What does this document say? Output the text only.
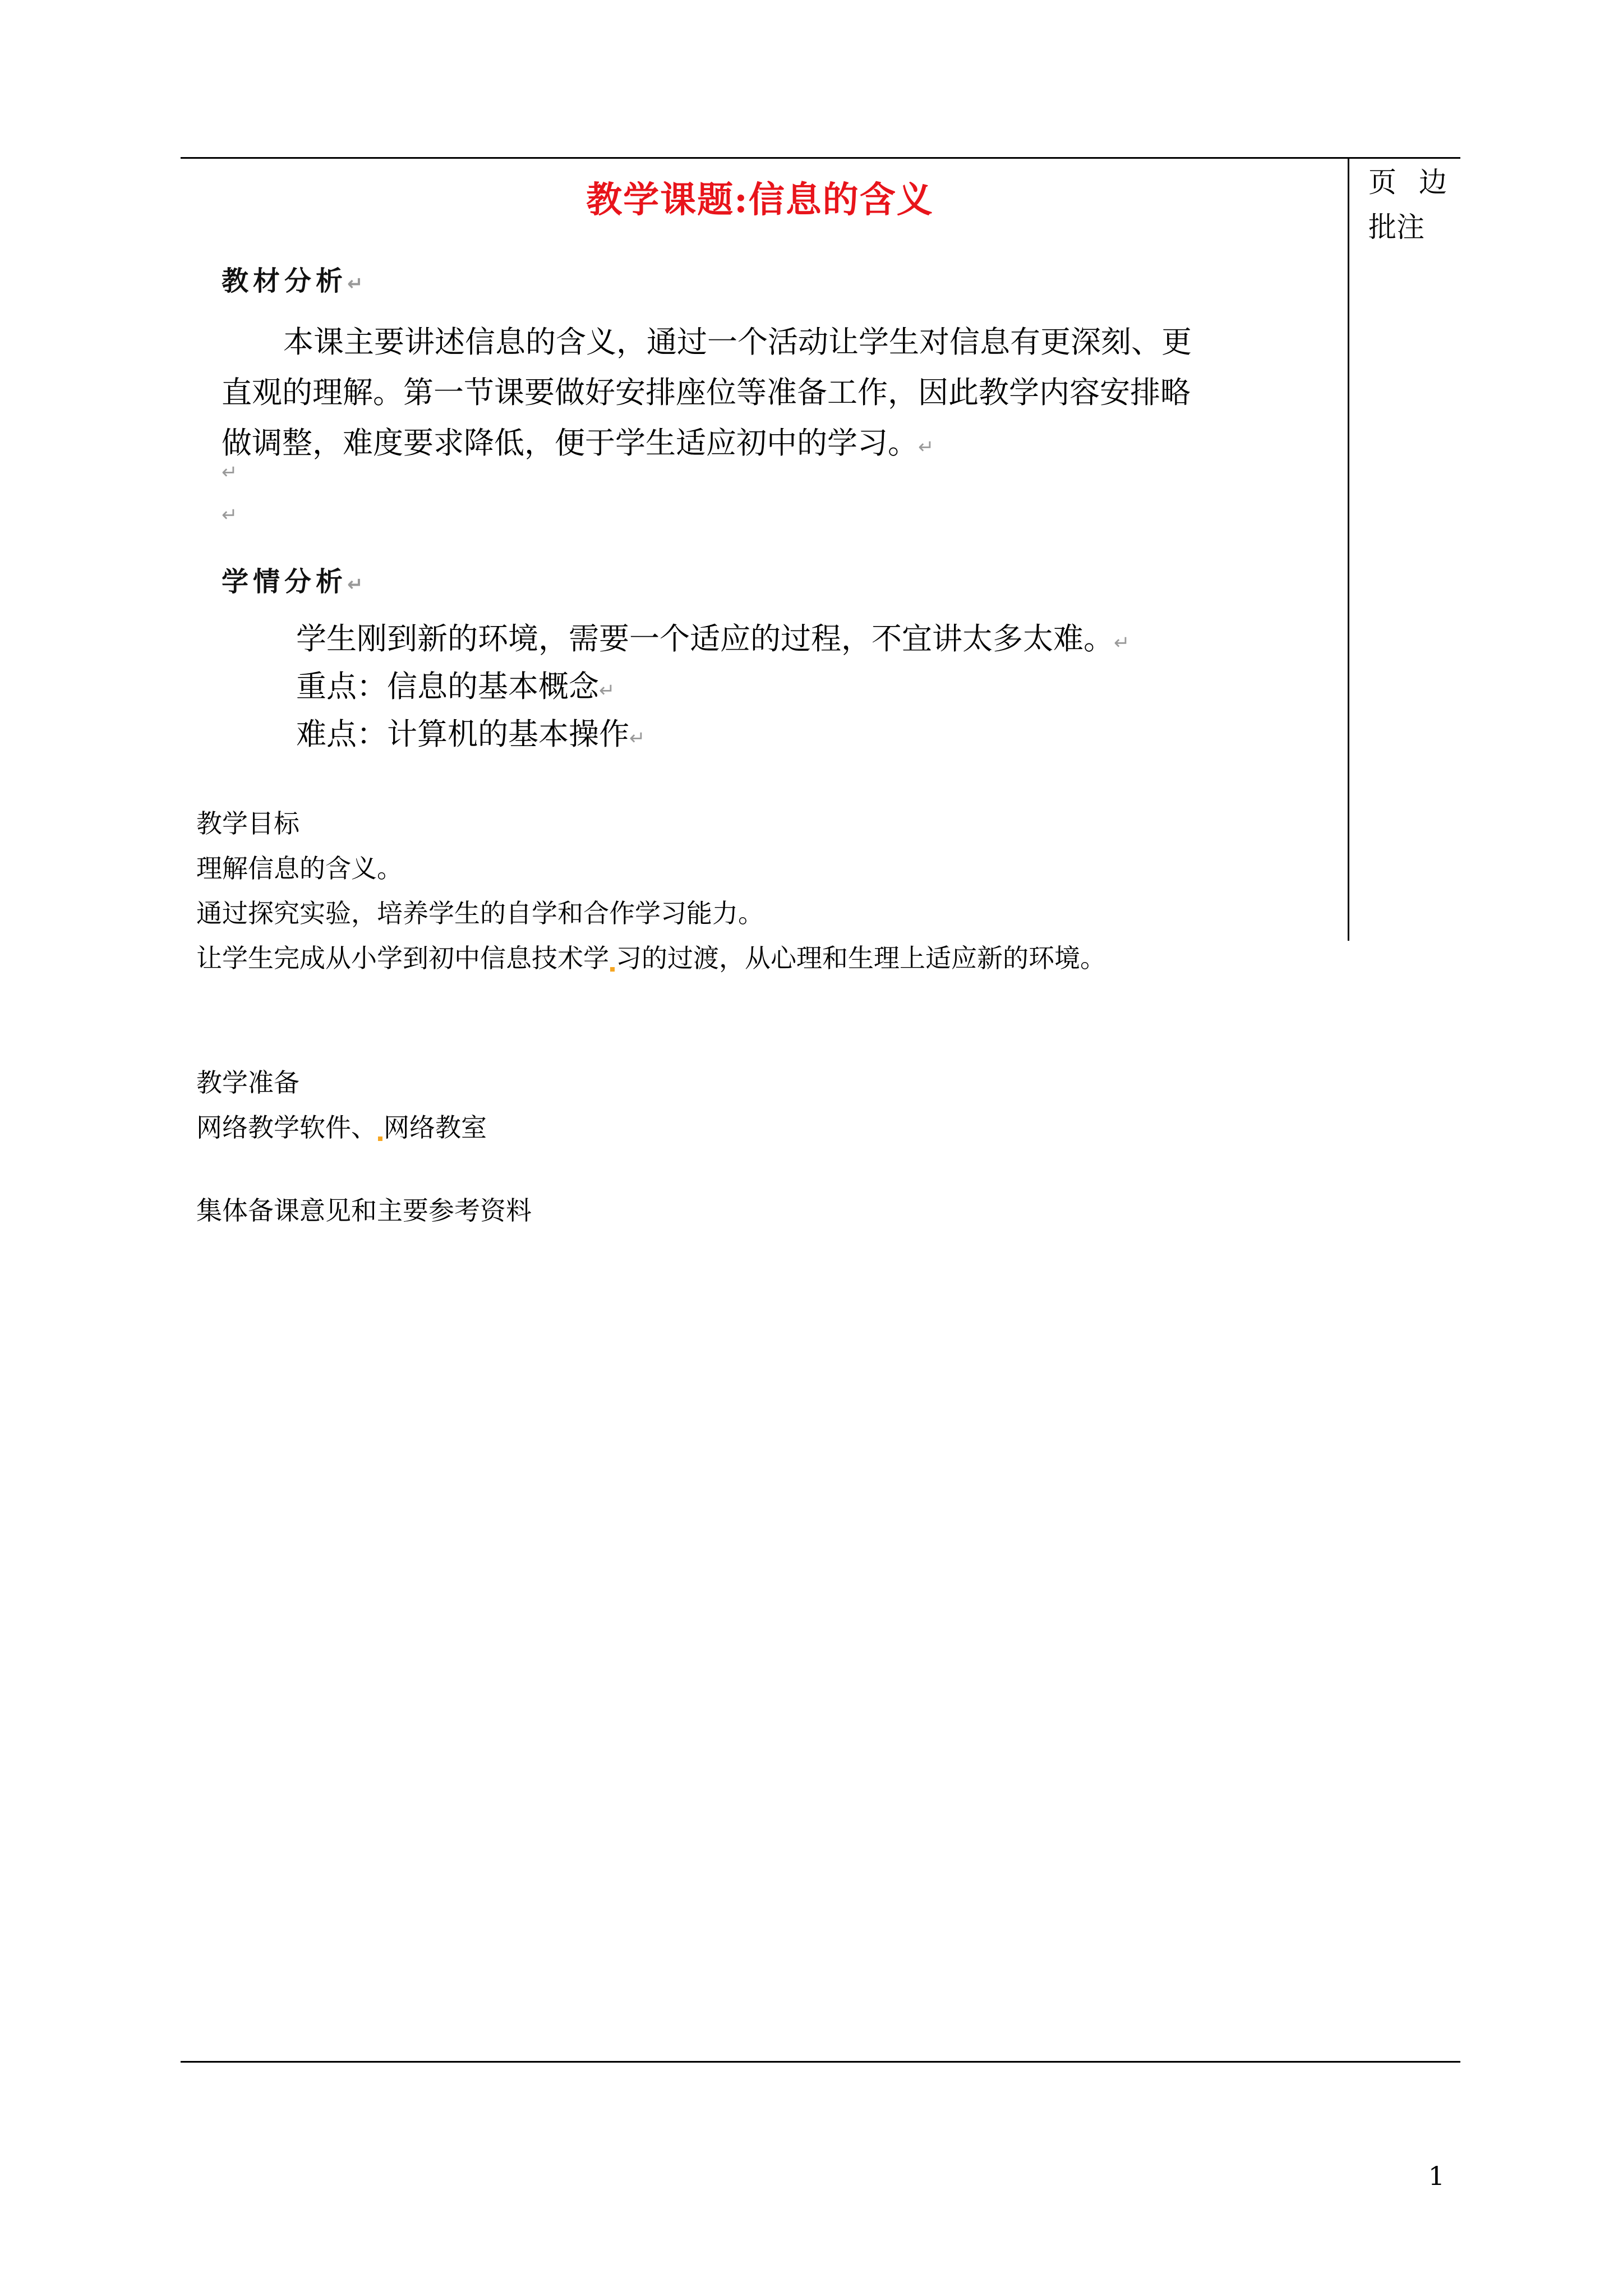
教学课题:信息的含义	页边
批注
教材分析↵
本课主要讲述信息的含义，通过一个活动让学生对信息有更深刻、更
直观的理解。第一节课要做好安排座位等准备工作，因此教学内容安排略
做调整，难度要求降低，便于学生适应初中的学习。↵
↵
↵
学情分析↵
学生刚到新的环境，需要一个适应的过程，不宜讲太多太难。↵
重点：信息的基本概念↵
难点：计算机的基本操作↵
教学目标
理解信息的含义。
通过探究实验，培养学生的自学和合作学习能力。
让学生完成从小学到初中信息技术学 习的过渡，从心理和生理上适应新的环境。
教学准备
网络教学软件、 网络教室
集体备课意见和主要参考资料
1
